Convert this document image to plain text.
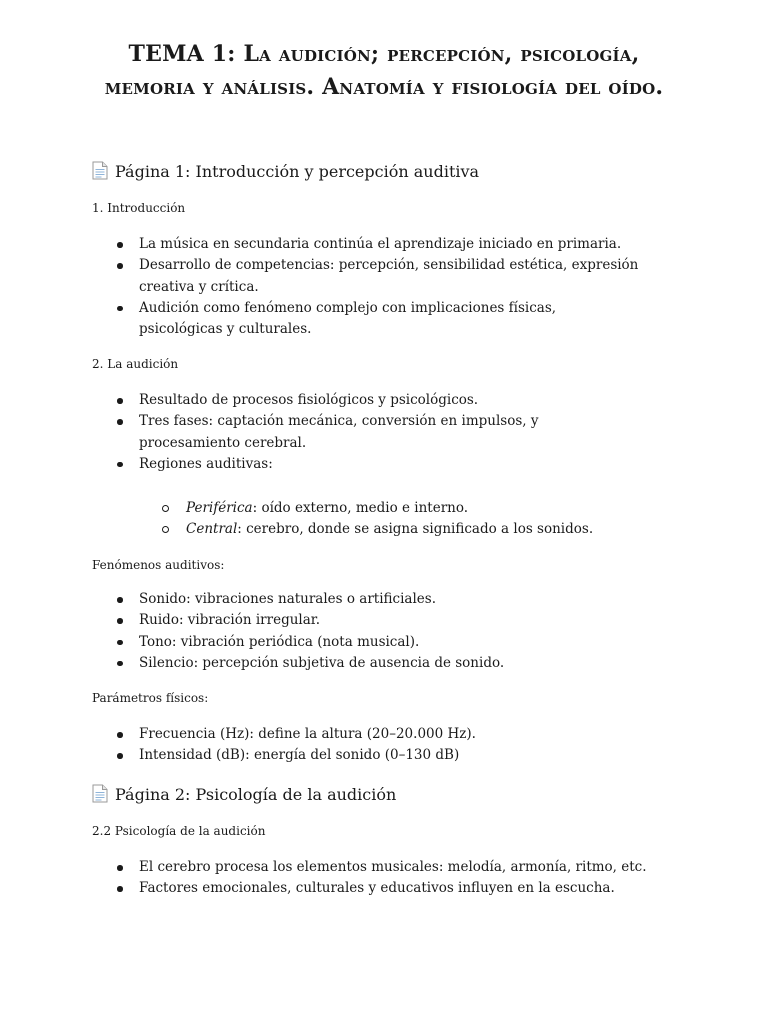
TEMA 1: La audición; percepción, psicología, memoria y análisis. Anatomía y fisiología del oído.
Página 1: Introducción y percepción auditiva
1. Introducción
La música en secundaria continúa el aprendizaje iniciado en primaria.
Desarrollo de competencias: percepción, sensibilidad estética, expresión creativa y crítica.
Audición como fenómeno complejo con implicaciones físicas, psicológicas y culturales.
2. La audición
Resultado de procesos fisiológicos y psicológicos.
Tres fases: captación mecánica, conversión en impulsos, y procesamiento cerebral.
Regiones auditivas:
Periférica: oído externo, medio e interno.
Central: cerebro, donde se asigna significado a los sonidos.
Fenómenos auditivos:
Sonido: vibraciones naturales o artificiales.
Ruido: vibración irregular.
Tono: vibración periódica (nota musical).
Silencio: percepción subjetiva de ausencia de sonido.
Parámetros físicos:
Frecuencia (Hz): define la altura (20–20.000 Hz).
Intensidad (dB): energía del sonido (0–130 dB)
Página 2: Psicología de la audición
2.2 Psicología de la audición
El cerebro procesa los elementos musicales: melodía, armonía, ritmo, etc.
Factores emocionales, culturales y educativos influyen en la escucha.
